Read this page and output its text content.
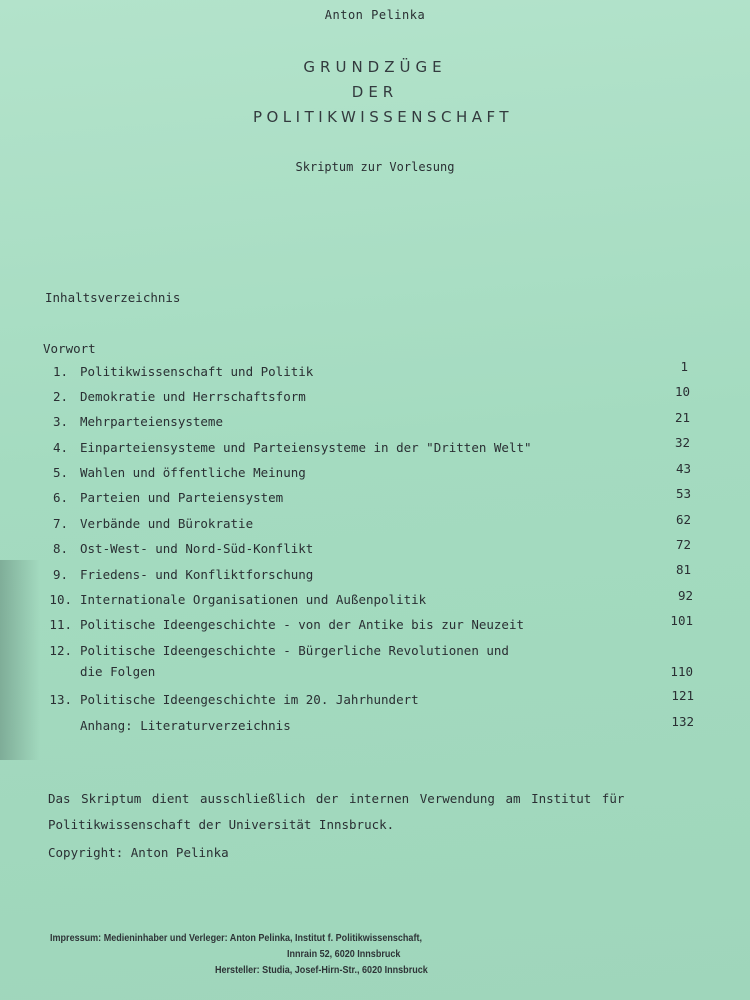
Anton Pelinka
GRUNDZÜGE
DER
POLITIKWISSENSCHAFT
Skriptum zur Vorlesung
Inhaltsverzeichnis
Vorwort
1. Politikwissenschaft und Politik	1
2. Demokratie und Herrschaftsform	10
3. Mehrparteiensysteme	21
4. Einparteiensysteme und Parteiensysteme in der "Dritten Welt"	32
5. Wahlen und öffentliche Meinung	43
6. Parteien und Parteiensystem	53
7. Verbände und Bürokratie	62
8. Ost-West- und Nord-Süd-Konflikt	72
9. Friedens- und Konfliktforschung	81
10. Internationale Organisationen und Außenpolitik	92
11. Politische Ideengeschichte - von der Antike bis zur Neuzeit	101
12. Politische Ideengeschichte - Bürgerliche Revolutionen und
die Folgen	110
13. Politische Ideengeschichte im 20. Jahrhundert	121
Anhang: Literaturverzeichnis	132
Das Skriptum dient ausschließlich der internen Verwendung am Institut für
Politikwissenschaft der Universität Innsbruck.
Copyright: Anton Pelinka
Impressum: Medieninhaber und Verleger: Anton Pelinka, Institut f. Politikwissenschaft,
Innrain 52, 6020 Innsbruck
Hersteller: Studia, Josef-Hirn-Str., 6020 Innsbruck
